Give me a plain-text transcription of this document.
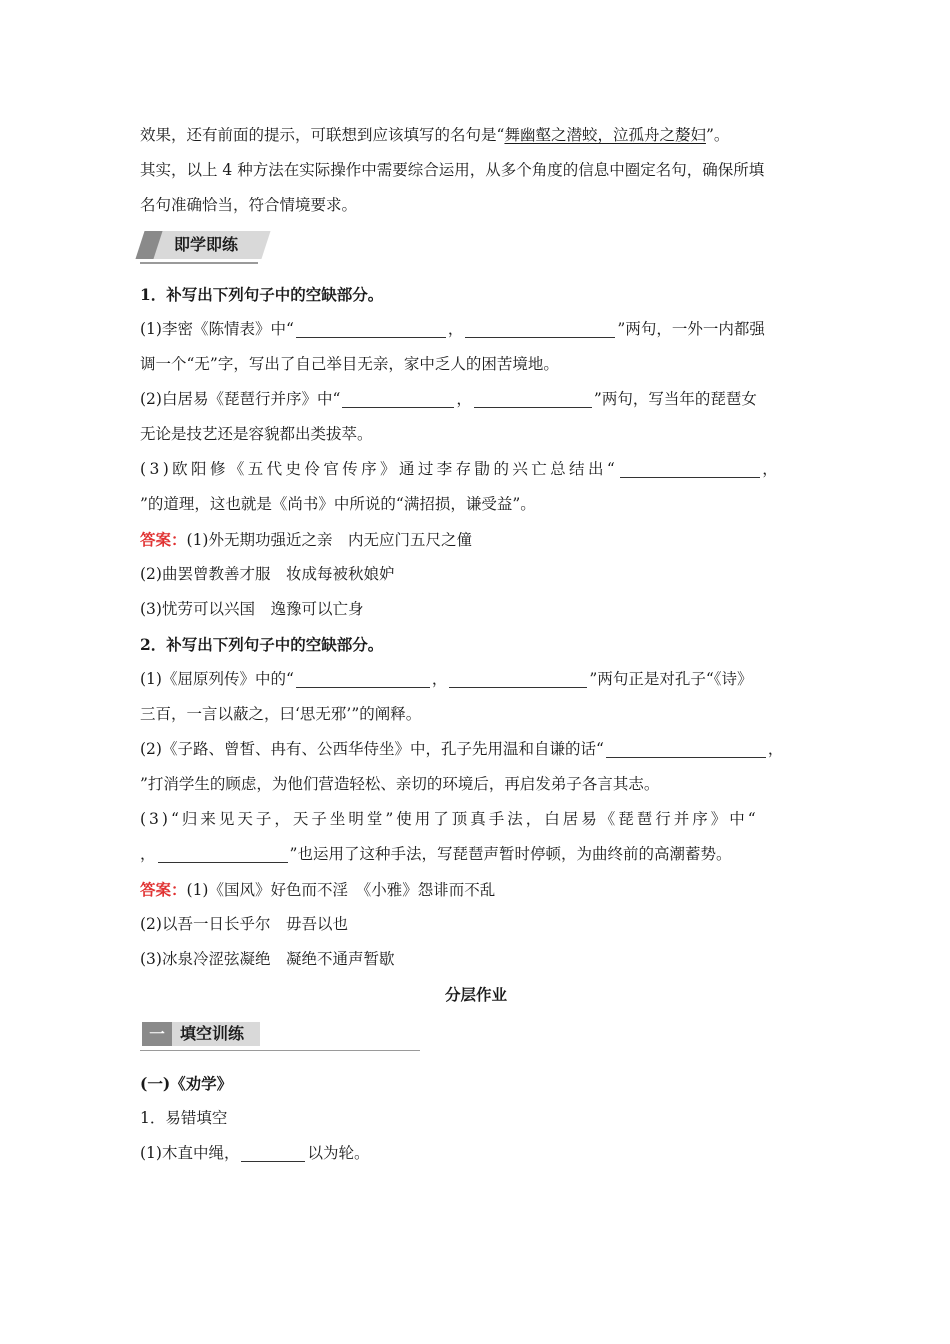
效果，还有前面的提示，可联想到应该填写的名句是“舞幽壑之潜蛟，泣孤舟之嫠妇”。
其实，以上 4 种方法在实际操作中需要综合运用，从多个角度的信息中圈定名句，确保所填
名句准确恰当，符合情境要求。
即学即练
1．补写出下列句子中的空缺部分。
(1)李密《陈情表》中“	，	”两句，一外一内都强
调一个“无”字，写出了自己举目无亲，家中乏人的困苦境地。
(2)白居易《琵琶行并序》中“	，	”两句，写当年的琵琶女
无论是技艺还是容貌都出类拔萃。
(3)欧阳修《五代史伶官传序》通过李存勖的兴亡总结出“	，
”的道理，这也就是《尚书》中所说的“满招损，谦受益”。
答案：(1)外无期功强近之亲　内无应门五尺之僮
(2)曲罢曾教善才服　妆成每被秋娘妒
(3)忧劳可以兴国　逸豫可以亡身
2．补写出下列句子中的空缺部分。
(1)《屈原列传》中的“	，	”两句正是对孔子“《诗》
三百，一言以蔽之，曰‘思无邪’”的阐释。
(2)《子路、曾皙、冉有、公西华侍坐》中，孔子先用温和自谦的话“	，
”打消学生的顾虑，为他们营造轻松、亲切的环境后，再启发弟子各言其志。
(3)“归来见天子，天子坐明堂”使用了顶真手法，白居易《琵琶行并序》中“
，	”也运用了这种手法，写琵琶声暂时停顿，为曲终前的高潮蓄势。
答案：(1)《国风》好色而不淫　《小雅》怨诽而不乱
(2)以吾一日长乎尔　毋吾以也
(3)冰泉冷涩弦凝绝　凝绝不通声暂歇
分层作业
一 填空训练
(一)《劝学》
1．易错填空
(1)木直中绳，	以为轮。
